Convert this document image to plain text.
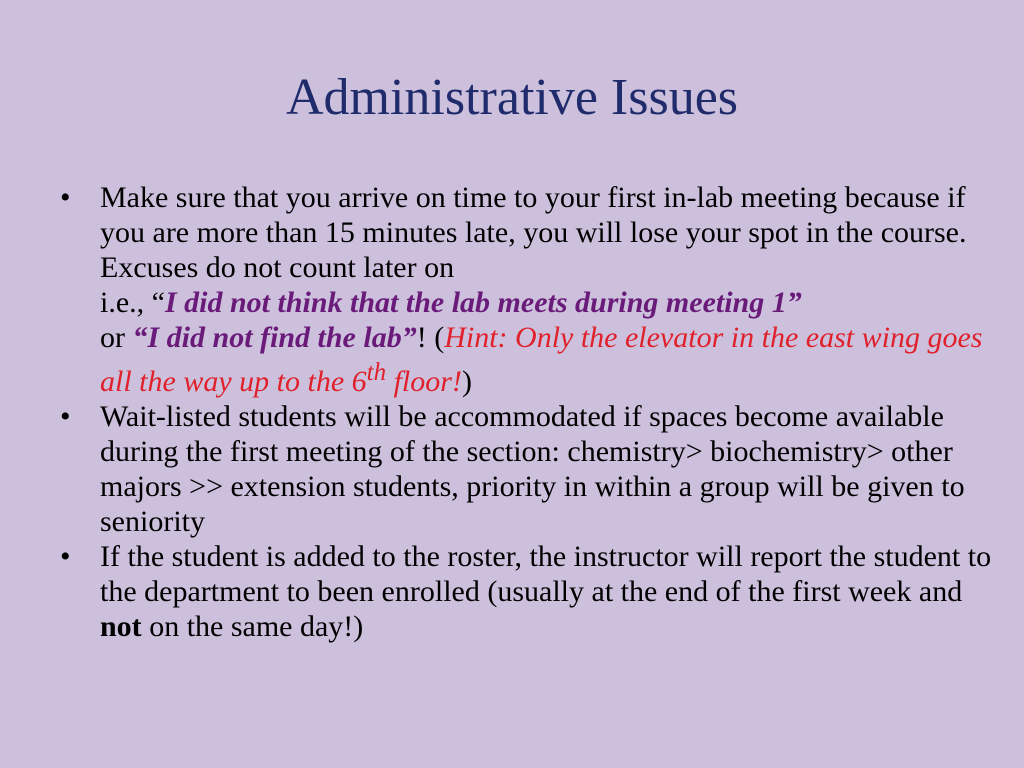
Administrative Issues
• Make sure that you arrive on time to your first in-lab meeting because if you are more than 15 minutes late, you will lose your spot in the course. Excuses do not count later on
i.e., “I did not think that the lab meets during meeting 1”
or “I did not find the lab”! (Hint: Only the elevator in the east wing goes all the way up to the 6th floor!)
• Wait-listed students will be accommodated if spaces become available during the first meeting of the section: chemistry> biochemistry> other majors >> extension students, priority in within a group will be given to seniority
• If the student is added to the roster, the instructor will report the student to the department to been enrolled (usually at the end of the first week and not on the same day!)
